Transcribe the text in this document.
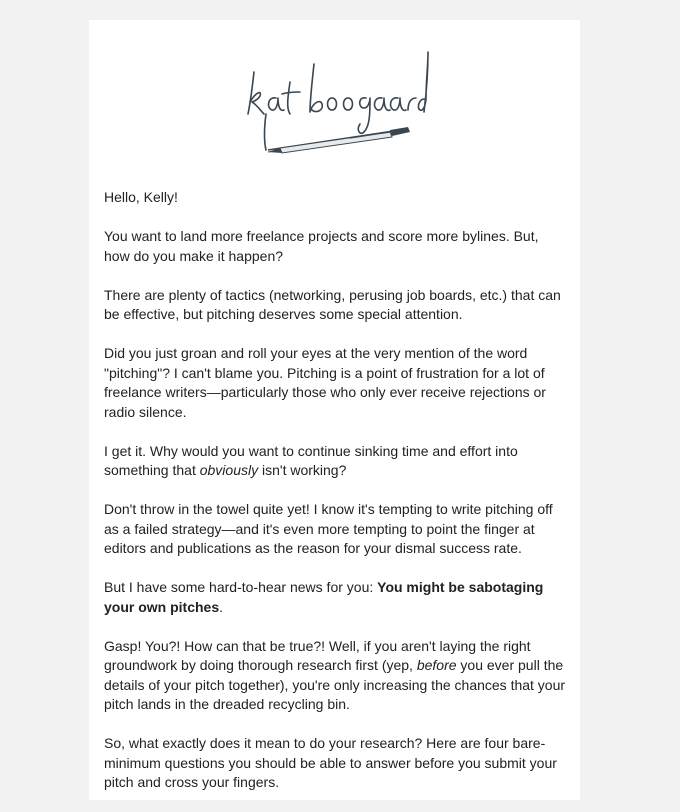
Hello, Kelly!

You want to land more freelance projects and score more bylines. But, how do you make it happen?

There are plenty of tactics (networking, perusing job boards, etc.) that can be effective, but pitching deserves some special attention.

Did you just groan and roll your eyes at the very mention of the word "pitching"? I can't blame you. Pitching is a point of frustration for a lot of freelance writers—particularly those who only ever receive rejections or radio silence.

I get it. Why would you want to continue sinking time and effort into something that obviously isn't working?

Don't throw in the towel quite yet! I know it's tempting to write pitching off as a failed strategy—and it's even more tempting to point the finger at editors and publications as the reason for your dismal success rate.

But I have some hard-to-hear news for you: You might be sabotaging your own pitches.

Gasp! You?! How can that be true?! Well, if you aren't laying the right groundwork by doing thorough research first (yep, before you ever pull the details of your pitch together), you're only increasing the chances that your pitch lands in the dreaded recycling bin.

So, what exactly does it mean to do your research? Here are four bare-minimum questions you should be able to answer before you submit your pitch and cross your fingers.
